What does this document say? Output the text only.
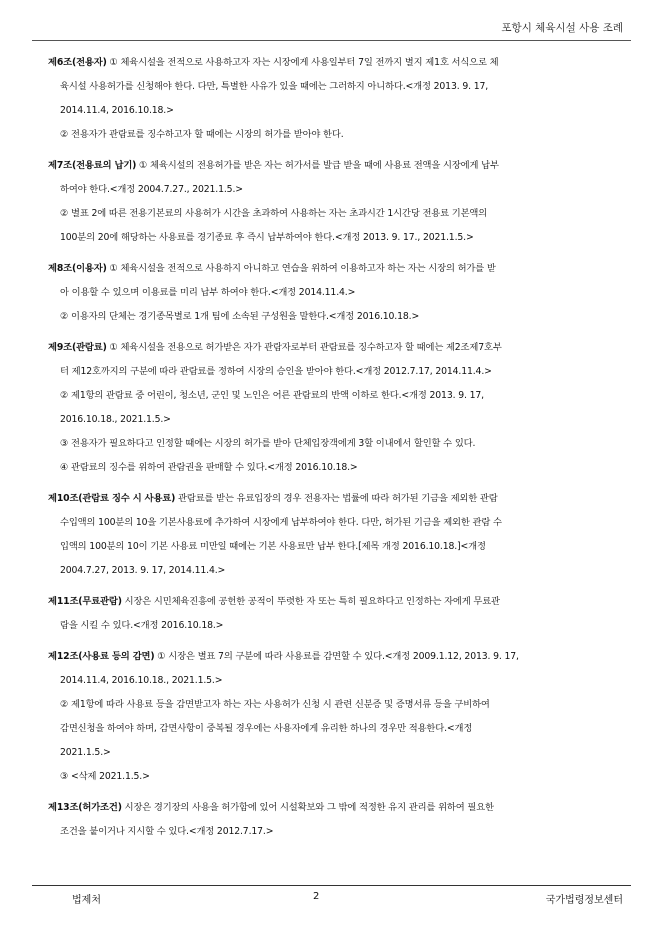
포항시 체육시설 사용 조례
제6조(전용자) ① 체육시설을 전적으로 사용하고자 자는 시장에게 사용일부터 7일 전까지 별지 제1호 서식으로 체
육시설 사용허가를 신청해야 한다. 다만, 특별한 사유가 있을 때에는 그러하지 아니하다.<개정 2013. 9. 17,
2014.11.4, 2016.10.18.>
② 전용자가 관람료를 징수하고자 할 때에는 시장의 허가를 받아야 한다.
제7조(전용료의 납기) ① 체육시설의 전용허가를 받은 자는 허가서를 발급 받을 때에 사용료 전액을 시장에게 납부
하여야 한다.<개정 2004.7.27., 2021.1.5.>
② 별표 2에 따른 전용기본료의 사용허가 시간을 초과하여 사용하는 자는 초과시간 1시간당 전용료 기본액의
100분의 20에 해당하는 사용료를 경기종료 후 즉시 납부하여야 한다.<개정 2013. 9. 17., 2021.1.5.>
제8조(이용자) ① 체육시설을 전적으로 사용하지 아니하고 연습을 위하여 이용하고자 하는 자는 시장의 허가를 받
아 이용할 수 있으며 이용료를 미리 납부 하여야 한다.<개정 2014.11.4.>
② 이용자의 단체는 경기종목별로 1개 팀에 소속된 구성원을 말한다.<개정 2016.10.18.>
제9조(관람료) ① 체육시설을 전용으로 허가받은 자가 관람자로부터 관람료를 징수하고자 할 때에는 제2조제7호부
터 제12호까지의 구분에 따라 관람료를 정하여 시장의 승인을 받아야 한다.<개정 2012.7.17, 2014.11.4.>
② 제1항의 관람료 중 어린이, 청소년, 군인 및 노인은 어른 관람료의 반액 이하로 한다.<개정 2013. 9. 17,
2016.10.18., 2021.1.5.>
③ 전용자가 필요하다고 인정할 때에는 시장의 허가를 받아 단체입장객에게 3할 이내에서 할인할 수 있다.
④ 관람료의 징수를 위하여 관람권을 판매할 수 있다.<개정 2016.10.18.>
제10조(관람료 징수 시 사용료) 관람료를 받는 유료입장의 경우 전용자는 법률에 따라 허가된 기금을 제외한 관람
수입액의 100분의 10을 기본사용료에 추가하여 시장에게 납부하여야 한다. 다만, 허가된 기금을 제외한 관람 수
입액의 100분의 10이 기본 사용료 미만일 때에는 기본 사용료만 납부 한다.[제목 개정 2016.10.18.]<개정
2004.7.27, 2013. 9. 17, 2014.11.4.>
제11조(무료관람) 시장은 시민체육진흥에 공헌한 공적이 뚜렷한 자 또는 특히 필요하다고 인정하는 자에게 무료관
람을 시킬 수 있다.<개정 2016.10.18.>
제12조(사용료 등의 감면) ① 시장은 별표 7의 구분에 따라 사용료를 감면할 수 있다.<개정 2009.1.12, 2013. 9. 17,
2014.11.4, 2016.10.18., 2021.1.5.>
② 제1항에 따라 사용료 등을 감면받고자 하는 자는 사용허가 신청 시 관련 신분증 및 증명서류 등을 구비하여
감면신청을 하여야 하며, 감면사항이 중복될 경우에는 사용자에게 유리한 하나의 경우만 적용한다.<개정
2021.1.5.>
③ <삭제 2021.1.5.>
제13조(허가조건) 시장은 경기장의 사용을 허가함에 있어 시설확보와 그 밖에 적정한 유지 관리를 위하여 필요한
조건을 붙이거나 지시할 수 있다.<개정 2012.7.17.>
법제처	2	국가법령정보센터
